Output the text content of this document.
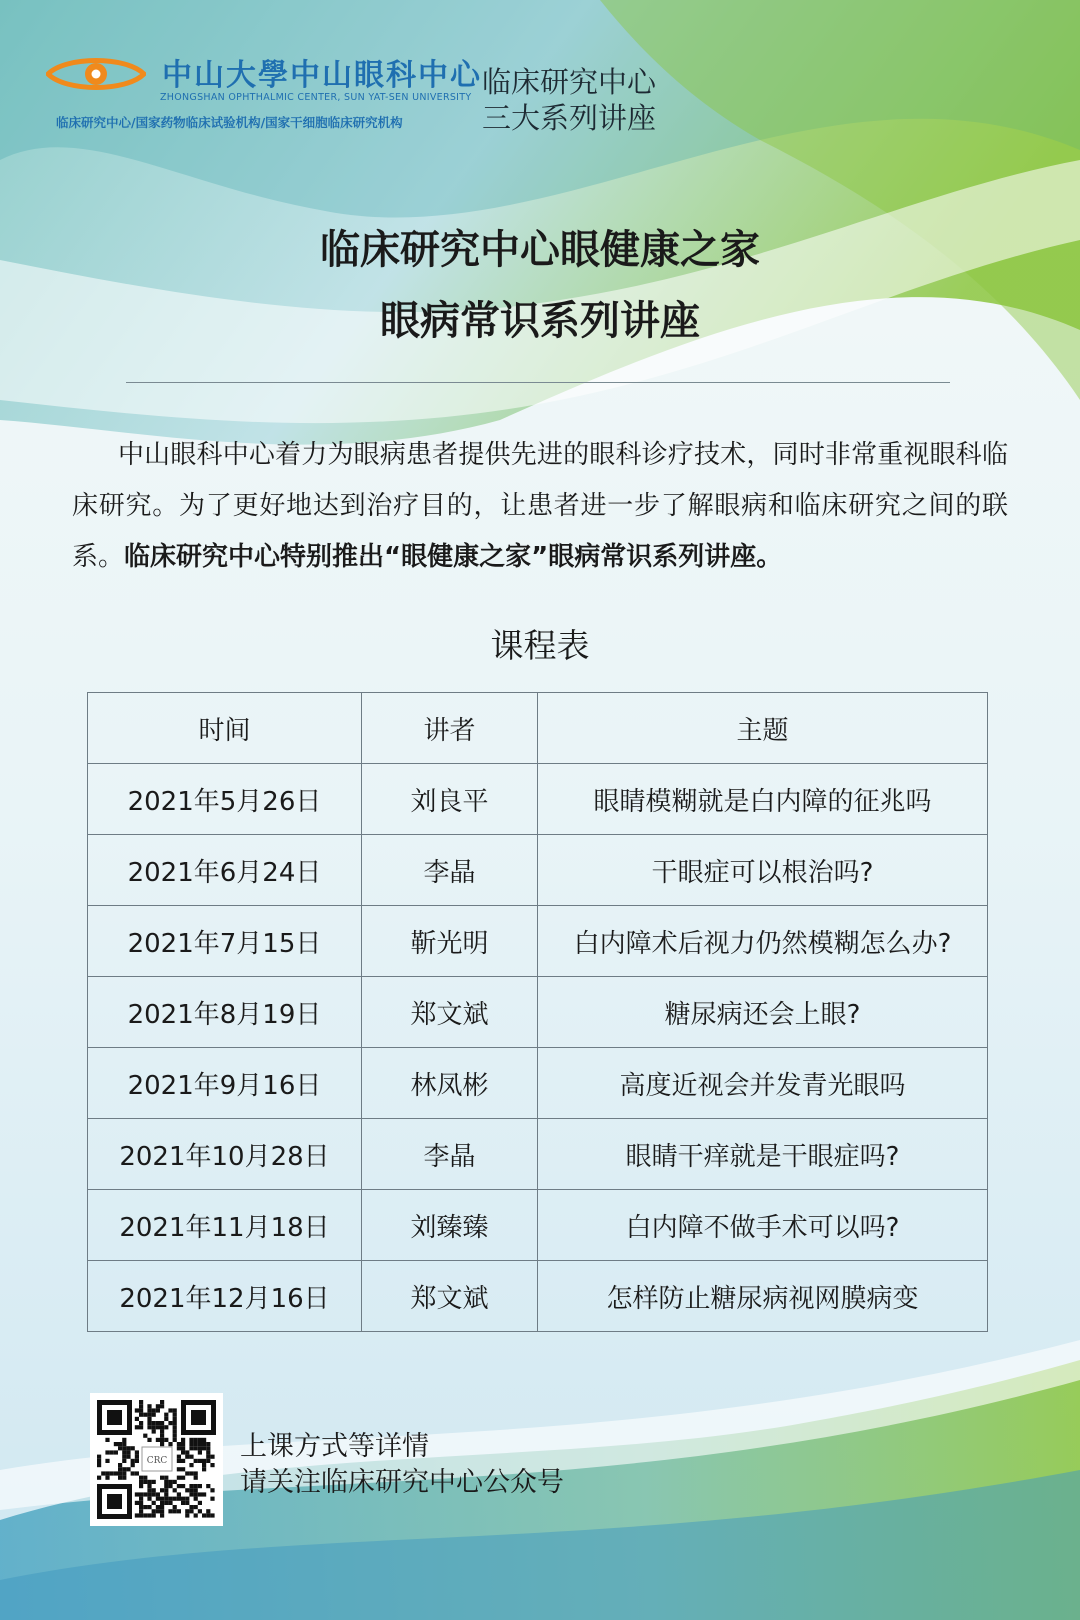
中山大學中山眼科中心
ZHONGSHAN OPHTHALMIC CENTER, SUN YAT-SEN UNIVERSITY
临床研究中心/国家药物临床试验机构/国家干细胞临床研究机构
临床研究中心
三大系列讲座
临床研究中心眼健康之家
眼病常识系列讲座
中山眼科中心着力为眼病患者提供先进的眼科诊疗技术，同时非常重视眼科临床研究。为了更好地达到治疗目的，让患者进一步了解眼病和临床研究之间的联系。临床研究中心特别推出“眼健康之家”眼病常识系列讲座。
课程表
时间	讲者	主题
2021年5月26日	刘良平	眼睛模糊就是白内障的征兆吗
2021年6月24日	李晶	干眼症可以根治吗?
2021年7月15日	靳光明	白内障术后视力仍然模糊怎么办?
2021年8月19日	郑文斌	糖尿病还会上眼?
2021年9月16日	林凤彬	高度近视会并发青光眼吗
2021年10月28日	李晶	眼睛干痒就是干眼症吗?
2021年11月18日	刘臻臻	白内障不做手术可以吗?
2021年12月16日	郑文斌	怎样防止糖尿病视网膜病变
CRC	上课方式等详情
请关注临床研究中心公众号
